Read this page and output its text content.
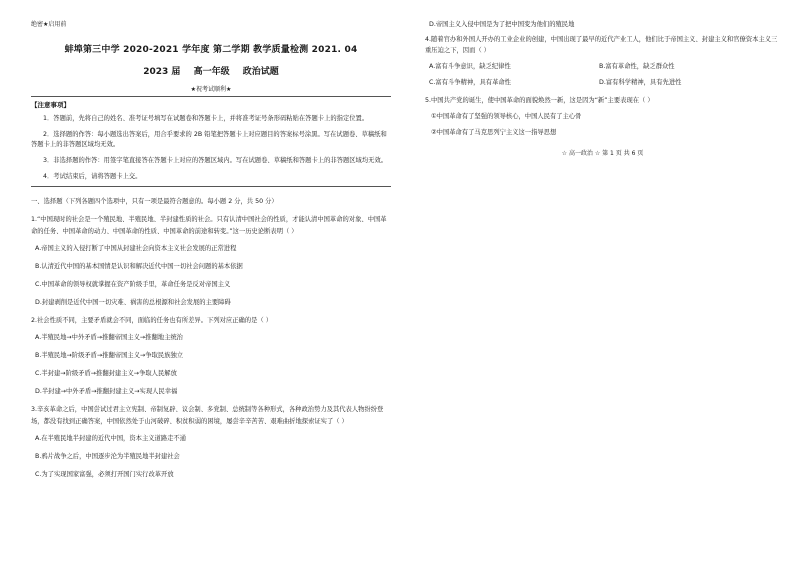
绝密★启用前
蚌埠第三中学 2020-2021 学年度 第二学期 教学质量检测 2021. 04
2023 届 高一年级 政治试题
★祝考试顺利★
【注意事项】

1．答题前，先将自己的姓名、准考证号填写在试题卷和答题卡上，并将准考证号条形码粘贴在答题卡上的指定位置。

2．选择题的作答：每小题选出答案后，用合乎要求的 2B 铅笔把答题卡上对应题目的答案标号涂黑。写在试题卷、草稿纸和答题卡上的非答题区域均无效。

3．非选择题的作答：用签字笔直接答在答题卡上对应的答题区域内。写在试题卷、草稿纸和答题卡上的非答题区域均无效。

4．考试结束后，请将答题卡上交。

一、选择题（下列各题四个选项中，只有一项是最符合题意的。每小题 2 分，共 50 分）
1.“中国现时的社会是一个殖民地、半殖民地、半封建性质的社会。只有认清中国社会的性质，才能认清中国革命的对象、中国革命的任务、中国革命的动力、中国革命的性质、中国革命的前途和转变。”这一历史论断表明（ ）
A.帝国主义的入侵打断了中国从封建社会向资本主义社会发展的正常进程
B.认清近代中国的基本国情是认识和解决近代中国一切社会问题的基本依据
C.中国革命的领导权就掌握在资产阶级手里，革命任务是反对帝国主义
D.封建剥削是近代中国一切灾难、祸害的总根源和社会发展的主要障碍
2.社会性质不同，主要矛盾就会不同，面临的任务也有所差异。下列对应正确的是（ ）
A.半殖民地→中外矛盾→推翻帝国主义→推翻地主统治
B.半殖民地→阶级矛盾→推翻帝国主义→争取民族独立
C.半封建→阶级矛盾→推翻封建主义→争取人民解放
D.半封建→中外矛盾→推翻封建主义→实现人民幸福
3.辛亥革命之后，中国尝试过君主立宪制、帝制复辟、议会制、多党制、总统制等各种形式，各种政治势力及其代表人物纷纷登场，都没有找到正确答案，中国依然处于山河破碎、积贫积弱的困境，屡尝辛辛苦苦、艰难曲折地探索证实了（ ）
A.在半殖民地半封建的近代中国，资本主义道路走不通
B.鸦片战争之后，中国逐步沦为半殖民地半封建社会
C.为了实现国家富强，必须打开国门实行改革开放
D.帝国主义入侵中国是为了把中国变为他们的殖民地
4.随着官办和外国人开办的工业企业的创建，中国出现了最早的近代产业工人，他们比于帝国主义、封建主义和官僚资本主义三重压迫之下，因而（ ）
A.富有斗争意识，缺乏纪律性	B.富有革命性，缺乏群众性
C.富有斗争精神，具有革命性	D.富有科学精神，具有先进性
5.中国共产党的诞生，使中国革命的面貌焕然一新，这是因为“新”主要表现在（ ）
①中国革命有了坚强的领导核心，中国人民有了主心骨
②中国革命有了马克思列宁主义这一指导思想
☆ 高一政治 ☆ 第 1 页 共 6 页
